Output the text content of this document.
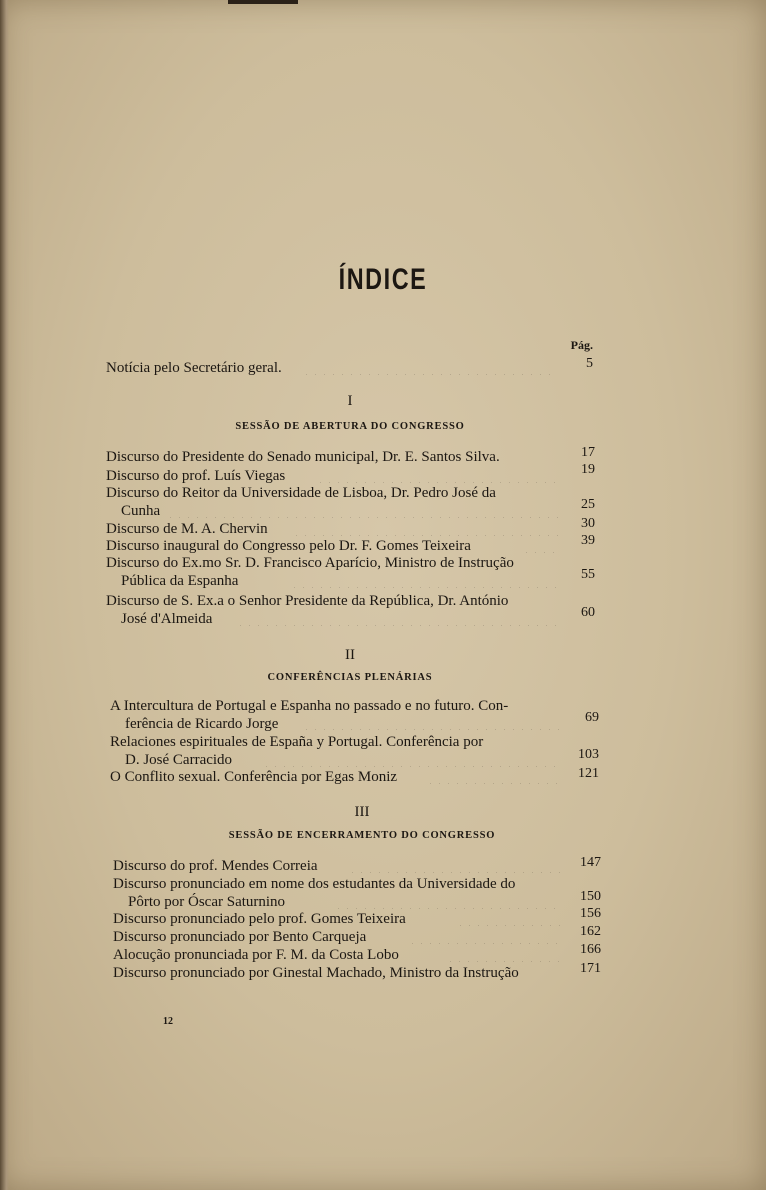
ÍNDICE
Pág.
Notícia pelo Secretário geral.	5
I
SESSÃO DE ABERTURA DO CONGRESSO
Discurso do Presidente do Senado municipal, Dr. E. Santos Silva.	17
Discurso do prof. Luís Viegas	19
Discurso do Reitor da Universidade de Lisboa, Dr. Pedro José da
Cunha	25
Discurso de M. A. Chervin	30
Discurso inaugural do Congresso pelo Dr. F. Gomes Teixeira	39
Discurso do Ex.mo Sr. D. Francisco Aparício, Ministro de Instrução
Pública da Espanha	55
Discurso de S. Ex.a o Senhor Presidente da República, Dr. António
José d'Almeida	60
II
CONFERÊNCIAS PLENÁRIAS
A Intercultura de Portugal e Espanha no passado e no futuro. Con-
ferência de Ricardo Jorge	69
Relaciones espirituales de España y Portugal. Conferência por
D. José Carracido	103
O Conflito sexual. Conferência por Egas Moniz	121
III
SESSÃO DE ENCERRAMENTO DO CONGRESSO
Discurso do prof. Mendes Correia	147
Discurso pronunciado em nome dos estudantes da Universidade do
Pôrto por Óscar Saturnino	150
Discurso pronunciado pelo prof. Gomes Teixeira	156
Discurso pronunciado por Bento Carqueja	162
Alocução pronunciada por F. M. da Costa Lobo	166
Discurso pronunciado por Ginestal Machado, Ministro da Instrução	171
12
